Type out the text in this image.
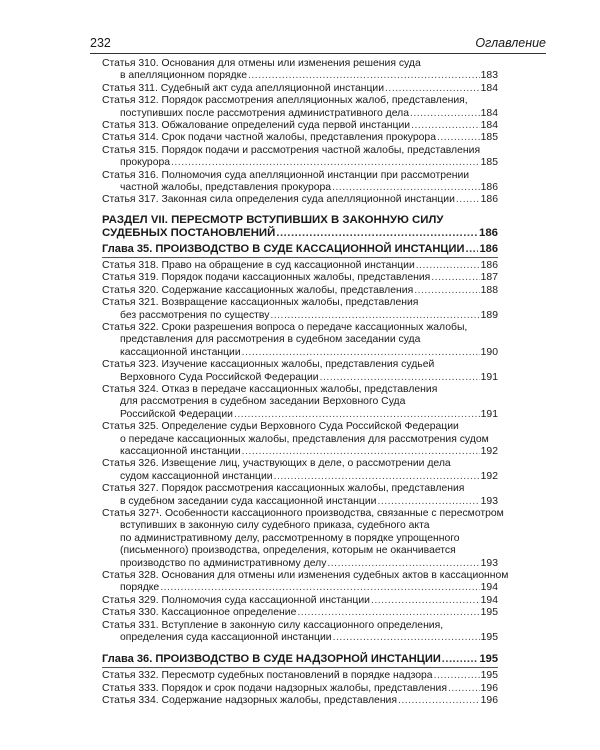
232	Оглавление
Статья 310. Основания для отмены или изменения решения суда
в апелляционном порядке .....	183
Статья 311. Судебный акт суда апелляционной инстанции .....	184
Статья 312. Порядок рассмотрения апелляционных жалоб, представления,
поступивших после рассмотрения административного дела .....	184
Статья 313. Обжалование определений суда первой инстанции .....	184
Статья 314. Срок подачи частной жалобы, представления прокурора .....	185
Статья 315. Порядок подачи и рассмотрения частной жалобы, представления
прокурора .....	185
Статья 316. Полномочия суда апелляционной инстанции при рассмотрении
частной жалобы, представления прокурора .....	186
Статья 317. Законная сила определения суда апелляционной инстанции ..... 186
РАЗДЕЛ VII. ПЕРЕСМОТР ВСТУПИВШИХ В ЗАКОННУЮ СИЛУ
СУДЕБНЫХ ПОСТАНОВЛЕНИЙ .....	186
Глава 35. ПРОИЗВОДСТВО В СУДЕ КАССАЦИОННОЙ ИНСТАНЦИИ ..... 186
Статья 318. Право на обращение в суд кассационной инстанции .....	186
Статья 319. Порядок подачи кассационных жалобы, представления .....	187
Статья 320. Содержание кассационных жалобы, представления .....	188
Статья 321. Возвращение кассационных жалобы, представления
без рассмотрения по существу .....	189
Статья 322. Сроки разрешения вопроса о передаче кассационных жалобы,
представления для рассмотрения в судебном заседании суда
кассационной инстанции .....	190
Статья 323. Изучение кассационных жалобы, представления судьей
Верховного Суда Российской Федерации .....	191
Статья 324. Отказ в передаче кассационных жалобы, представления
для рассмотрения в судебном заседании Верховного Суда
Российской Федерации .....	191
Статья 325. Определение судьи Верховного Суда Российской Федерации
о передаче кассационных жалобы, представления для рассмотрения судом
кассационной инстанции .....	192
Статья 326. Извещение лиц, участвующих в деле, о рассмотрении дела
судом кассационной инстанции .....	192
Статья 327. Порядок рассмотрения кассационных жалобы, представления
в судебном заседании суда кассационной инстанции .....	193
Статья 327¹. Особенности кассационного производства, связанные с пересмотром
вступивших в законную силу судебного приказа, судебного акта
по административному делу, рассмотренному в порядке упрощенного
(письменного) производства, определения, которым не оканчивается
производство по административному делу .....	193
Статья 328. Основания для отмены или изменения судебных актов в кассационном
порядке .....	194
Статья 329. Полномочия суда кассационной инстанции .....	194
Статья 330. Кассационное определение .....	195
Статья 331. Вступление в законную силу кассационного определения,
определения суда кассационной инстанции .....	195
Глава 36. ПРОИЗВОДСТВО В СУДЕ НАДЗОРНОЙ ИНСТАНЦИИ .....	195
Статья 332. Пересмотр судебных постановлений в порядке надзора .....	195
Статья 333. Порядок и срок подачи надзорных жалобы, представления .....	196
Статья 334. Содержание надзорных жалобы, представления .....	196
